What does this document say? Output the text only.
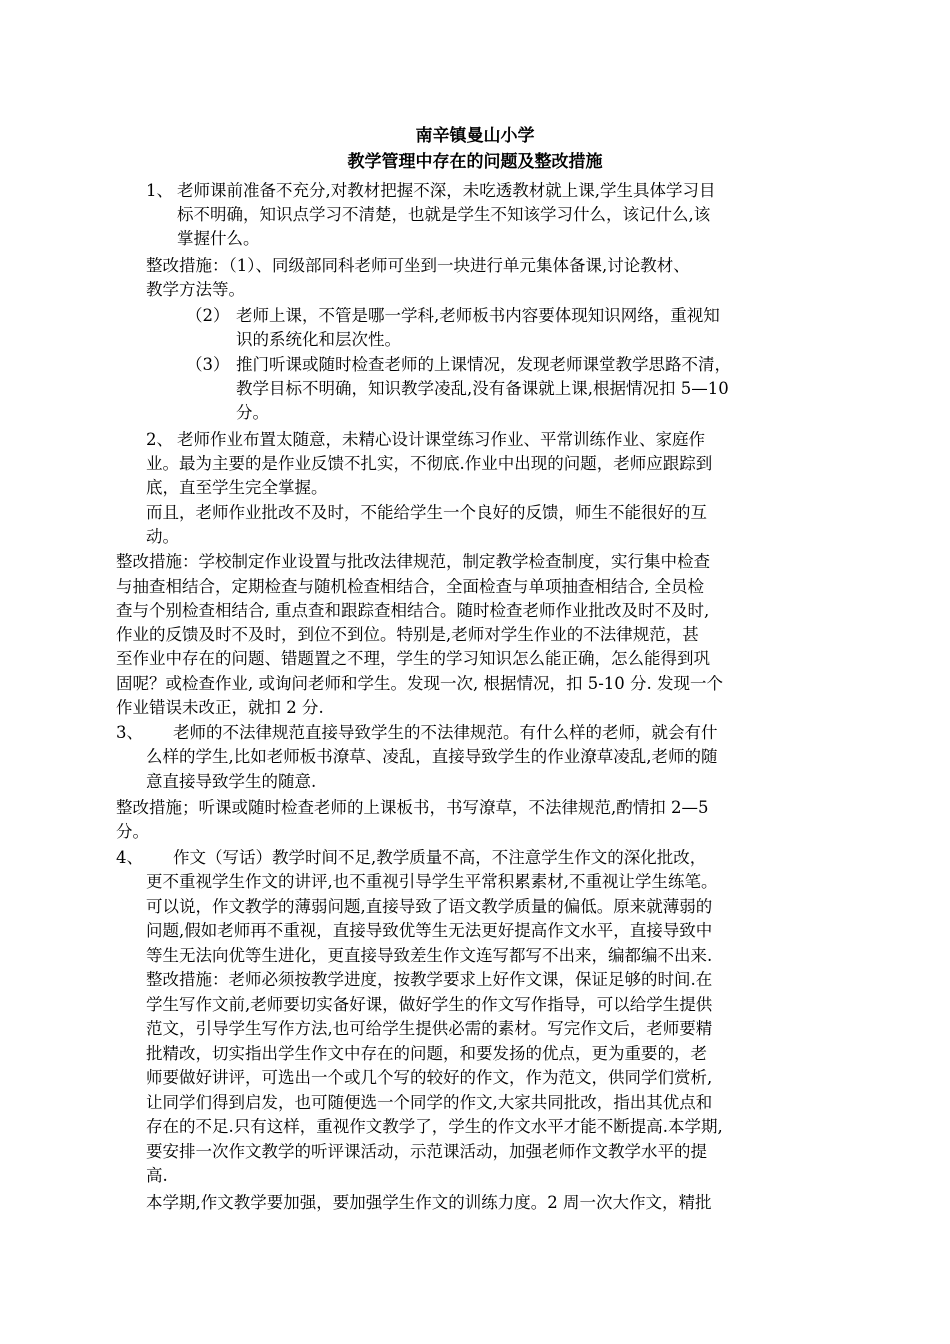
南辛镇曼山小学
教学管理中存在的问题及整改措施
1、 老师课前准备不充分,对教材把握不深，未吃透教材就上课,学生具体学习目
标不明确，知识点学习不清楚，也就是学生不知该学习什么，该记什么,该
掌握什么。
整改措施：（1）、同级部同科老师可坐到一块进行单元集体备课,讨论教材、
教学方法等。
（2） 老师上课，不管是哪一学科,老师板书内容要体现知识网络，重视知
识的系统化和层次性。
（3） 推门听课或随时检查老师的上课情况，发现老师课堂教学思路不清，
教学目标不明确，知识教学凌乱,没有备课就上课,根据情况扣 5—10
分。
2、 老师作业布置太随意，未精心设计课堂练习作业、平常训练作业、家庭作
业。最为主要的是作业反馈不扎实，不彻底.作业中出现的问题，老师应跟踪到
底，直至学生完全掌握。
而且，老师作业批改不及时，不能给学生一个良好的反馈，师生不能很好的互
动。
整改措施：学校制定作业设置与批改法律规范，制定教学检查制度，实行集中检查
与抽查相结合，定期检查与随机检查相结合，全面检查与单项抽查相结合, 全员检
查与个别检查相结合, 重点查和跟踪查相结合。随时检查老师作业批改及时不及时,
作业的反馈及时不及时，到位不到位。特别是,老师对学生作业的不法律规范，甚
至作业中存在的问题、错题置之不理，学生的学习知识怎么能正确，怎么能得到巩
固呢？或检查作业, 或询问老师和学生。发现一次, 根据情况，扣 5-10 分. 发现一个
作业错误未改正，就扣 2 分.
3、 老师的不法律规范直接导致学生的不法律规范。有什么样的老师，就会有什
么样的学生,比如老师板书潦草、凌乱，直接导致学生的作业潦草凌乱,老师的随
意直接导致学生的随意.
整改措施；听课或随时检查老师的上课板书，书写潦草，不法律规范,酌情扣 2—5
分。
4、 作文（写话）教学时间不足,教学质量不高，不注意学生作文的深化批改，
更不重视学生作文的讲评,也不重视引导学生平常积累素材,不重视让学生练笔。
可以说，作文教学的薄弱问题,直接导致了语文教学质量的偏低。原来就薄弱的
问题,假如老师再不重视，直接导致优等生无法更好提高作文水平，直接导致中
等生无法向优等生进化，更直接导致差生作文连写都写不出来，编都编不出来.
整改措施：老师必须按教学进度，按教学要求上好作文课，保证足够的时间.在
学生写作文前,老师要切实备好课，做好学生的作文写作指导，可以给学生提供
范文，引导学生写作方法,也可给学生提供必需的素材。写完作文后，老师要精
批精改，切实指出学生作文中存在的问题，和要发扬的优点，更为重要的，老
师要做好讲评，可选出一个或几个写的较好的作文，作为范文，供同学们赏析,
让同学们得到启发，也可随便选一个同学的作文,大家共同批改，指出其优点和
存在的不足.只有这样，重视作文教学了，学生的作文水平才能不断提高.本学期,
要安排一次作文教学的听评课活动，示范课活动，加强老师作文教学水平的提
高.
本学期,作文教学要加强，要加强学生作文的训练力度。2 周一次大作文，精批
